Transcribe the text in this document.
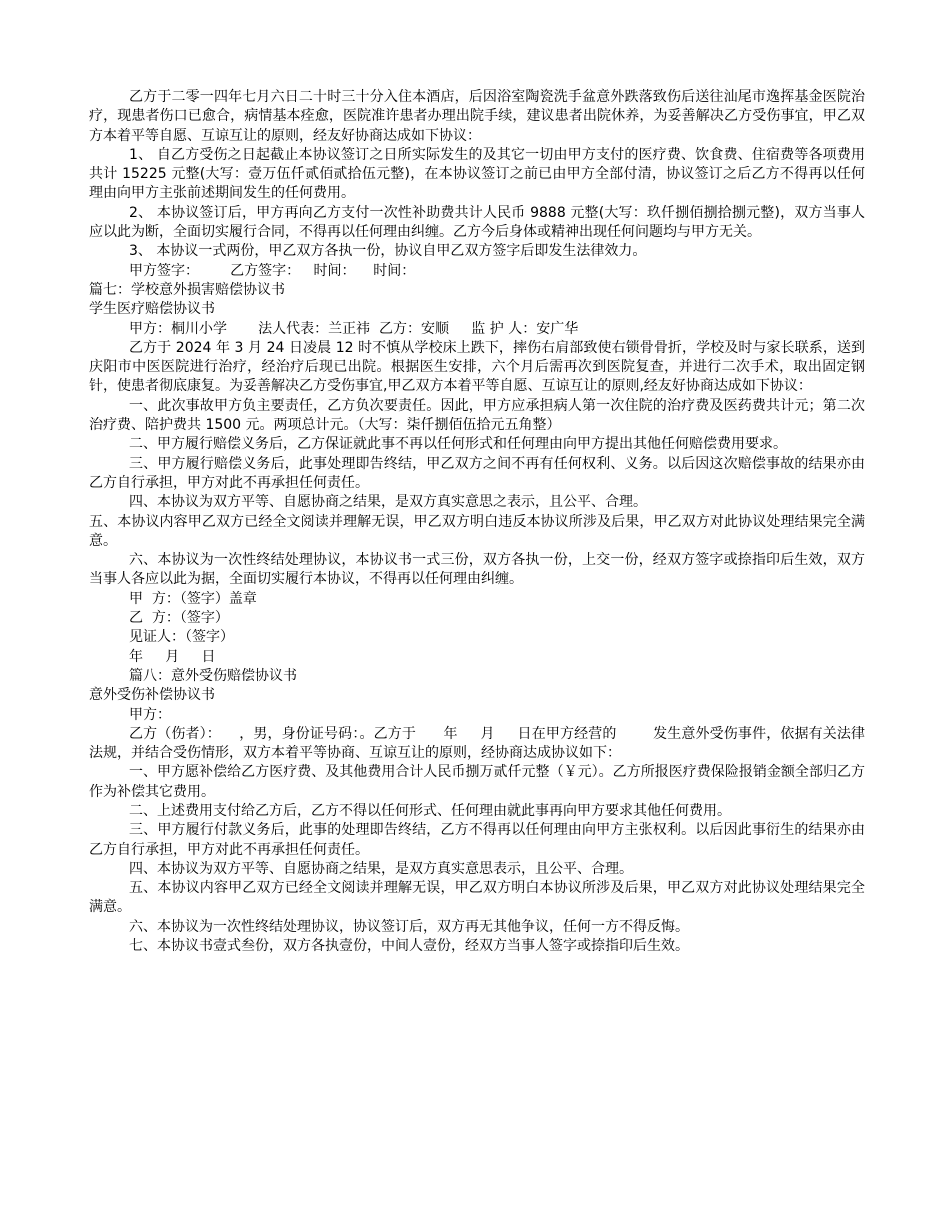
乙方于二零一四年七月六日二十时三十分入住本酒店，后因浴室陶瓷洗手盆意外跌落致伤后送往汕尾市逸挥基金医院治疗，现患者伤口已愈合，病情基本痊愈，医院准许患者办理出院手续，建议患者出院休养，为妥善解决乙方受伤事宜，甲乙双方本着平等自愿、互谅互让的原则，经友好协商达成如下协议：

1、 自乙方受伤之日起截止本协议签订之日所实际发生的及其它一切由甲方支付的医疗费、饮食费、住宿费等各项费用共计 15225 元整(大写：壹万伍仟贰佰贰拾伍元整)，在本协议签订之前已由甲方全部付清，协议签订之后乙方不得再以任何理由向甲方主张前述期间发生的任何费用。

2、 本协议签订后，甲方再向乙方支付一次性补助费共计人民币 9888 元整(大写：玖仟捌佰捌拾捌元整)，双方当事人应以此为断，全面切实履行合同，不得再以任何理由纠缠。乙方今后身体或精神出现任何问题均与甲方无关。

3、 本协议一式两份，甲乙双方各执一份，协议自甲乙双方签字后即发生法律效力。

甲方签字：       乙方签字：   时间：    时间：

篇七：学校意外损害赔偿协议书

学生医疗赔偿协议书

甲方：桐川小学       法人代表：兰正祎  乙方：安顺     监 护 人：安广华

乙方于 2024 年 3 月 24 日凌晨 12 时不慎从学校床上跌下，摔伤右肩部致使右锁骨骨折，学校及时与家长联系，送到庆阳市中医医院进行治疗，经治疗后现已出院。根据医生安排，六个月后需再次到医院复查，并进行二次手术，取出固定钢针，使患者彻底康复。为妥善解决乙方受伤事宜,甲乙双方本着平等自愿、互谅互让的原则,经友好协商达成如下协议：

一、此次事故甲方负主要责任，乙方负次要责任。因此，甲方应承担病人第一次住院的治疗费及医药费共计元；第二次治疗费、陪护费共 1500 元。两项总计元。（大写：柒仟捌佰伍拾元五角整）

二、甲方履行赔偿义务后，乙方保证就此事不再以任何形式和任何理由向甲方提出其他任何赔偿费用要求。

三、甲方履行赔偿义务后，此事处理即告终结，甲乙双方之间不再有任何权利、义务。以后因这次赔偿事故的结果亦由乙方自行承担，甲方对此不再承担任何责任。

四、本协议为双方平等、自愿协商之结果，是双方真实意思之表示，且公平、合理。

五、本协议内容甲乙双方已经全文阅读并理解无误，甲乙双方明白违反本协议所涉及后果，甲乙双方对此协议处理结果完全满意。

六、本协议为一次性终结处理协议，本协议书一式三份，双方各执一份，上交一份，经双方签字或捺指印后生效，双方当事人各应以此为据，全面切实履行本协议，不得再以任何理由纠缠。

甲  方：（签字）盖章

乙  方：（签字）

见证人：（签字）

年     月     日

篇八：意外受伤赔偿协议书

意外受伤补偿协议书

甲方：

乙方（伤者）：    ，男，身份证号码：。乙方于      年     月     日在甲方经营的        发生意外受伤事件，依据有关法律法规，并结合受伤情形，双方本着平等协商、互谅互让的原则，经协商达成协议如下：

一、甲方愿补偿给乙方医疗费、及其他费用合计人民币捌万贰仟元整（￥元）。乙方所报医疗费保险报销金额全部归乙方作为补偿其它费用。

二、上述费用支付给乙方后，乙方不得以任何形式、任何理由就此事再向甲方要求其他任何费用。

三、甲方履行付款义务后，此事的处理即告终结，乙方不得再以任何理由向甲方主张权利。以后因此事衍生的结果亦由乙方自行承担，甲方对此不再承担任何责任。

四、本协议为双方平等、自愿协商之结果，是双方真实意思表示，且公平、合理。

五、本协议内容甲乙双方已经全文阅读并理解无误，甲乙双方明白本协议所涉及后果，甲乙双方对此协议处理结果完全满意。

六、本协议为一次性终结处理协议，协议签订后，双方再无其他争议，任何一方不得反悔。

七、本协议书壹式叁份，双方各执壹份，中间人壹份，经双方当事人签字或捺指印后生效。
